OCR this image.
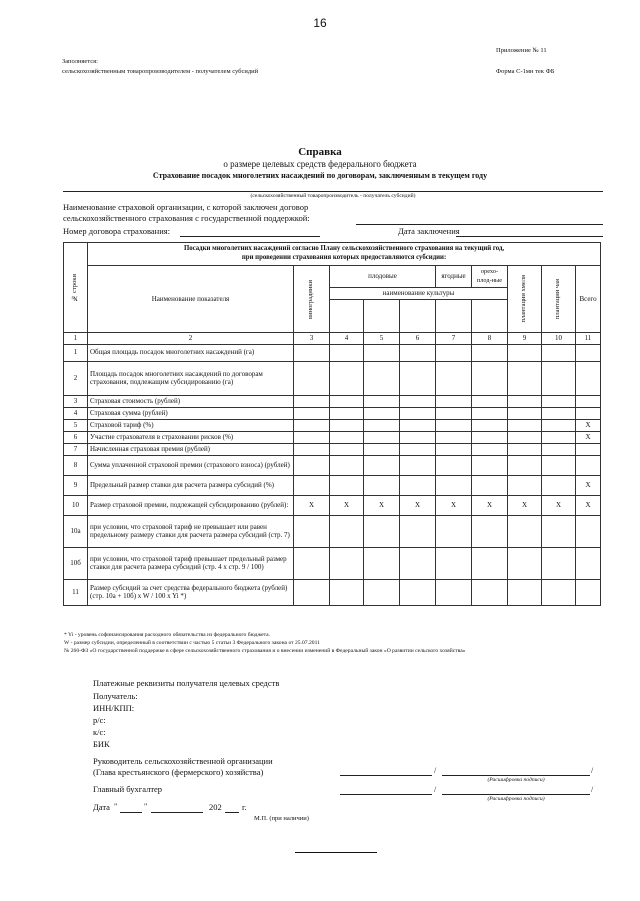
16
Приложение № 11
Заполняется:
сельскохозяйственным товаропроизводителем - получателем субсидий	Форма С-1мн тек ФБ
Справка
о размере целевых средств федерального бюджета
Страхование посадок многолетних насаждений по договорам, заключенным в текущем году
(сельскохозяйственный товаропроизводитель - получатель субсидий)
Наименование страховой организации, с которой заключен договор
сельскохозяйственного страхования с государственной поддержкой:
Номер договора страхования:	Дата заключения
№ строки	Посадки многолетних насаждений согласно Плану сельскохозяйственного страхования на текущий год,
при проведении страхования которых предоставляются субсидии:									

	Наименование показателя	виноградники	плодовые			ягодные	орехо-плод-ные	плантации хмеля	плантации чая	Всего
			наименование культуры							

1	2	3	4	5	6	7	8	9	10	11
1	Общая площадь посадок многолетних насаждений (га)									
2	Площадь посадок многолетних насаждений по договорам страхования, подлежащим субсидированию (га)									
3	Страховая стоимость (рублей)									
4	Страховая сумма (рублей)									
5	Страховой тариф (%)									X
6	Участие страхователя в страховании рисков (%)									X
7	Начисленная страховая премия (рублей)									
8	Сумма уплаченной страховой премии (страхового взноса) (рублей)									
9	Предельный размер ставки для расчета размера субсидий (%)									X
10	Размер страховой премии, подлежащей субсидированию (рублей):	X	X	X	X	X	X	X	X	X
10а	при условии, что страховой тариф не превышает или равен предельному размеру ставки для расчета размера субсидий (стр. 7)									
10б	при условии, что страховой тариф превышает предельный размер ставки для расчета размера субсидий (стр. 4 x стр. 9 / 100)									
11	Размер субсидий за счет средства федерального бюджета (рублей) (стр. 10а + 10б) x W / 100 x Yi *)									
* Yi - уровень софинансирования расходного обязательства из федерального бюджета.
W - размер субсидии, определенный в соответствии с частью 5 статьи 3 Федерального закона от 25.07.2011
№ 260-ФЗ «О государственной поддержке в сфере сельскохозяйственного страхования и о внесении изменений в Федеральный закон «О развитии сельского хозяйства»
Платежные реквизиты получателя целевых средств
Получатель:
ИНН/КПП:
р/с:
к/с:
БИК
Руководитель сельскохозяйственной организации
(Глава крестьянского (фермерского) хозяйства)	/	/
(Расшифровка подписи)
Главный бухгалтер	/	/
(Расшифровка подписи)
Дата "	"	202 г.
М.П. (при наличии)
